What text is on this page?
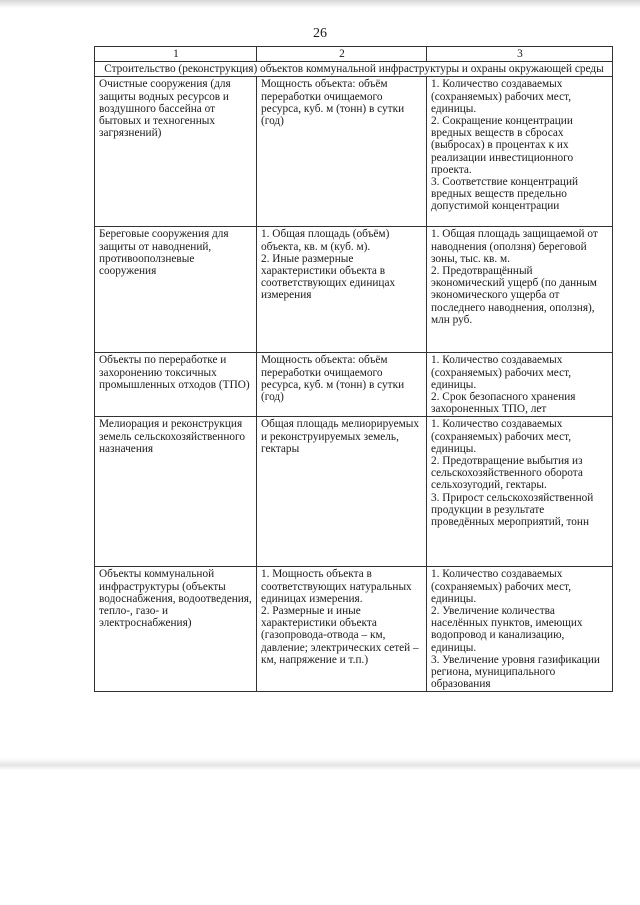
26
1	2	3
Строительство (реконструкция) объектов коммунальной инфраструктуры и охраны окружающей среды		
Очистные сооружения (для защиты водных ресурсов и воздушного бассейна от бытовых и техногенных загрязнений)	Мощность объекта: объём переработки очищаемого ресурса, куб. м (тонн) в сутки (год)	1. Количество создаваемых (сохраняемых) рабочих мест, единицы.
2. Сокращение концентрации вредных веществ в сбросах (выбросах) в процентах к их реализации инвестиционного проекта.
3. Соответствие концентраций вредных веществ предельно допустимой концентрации

Береговые сооружения для защиты от наводнений, противооползневые сооружения	1. Общая площадь (объём) объекта, кв. м (куб. м).
2. Иные размерные характеристики объекта в соответствующих единицах измерения	1. Общая площадь защищаемой от наводнения (оползня) береговой зоны, тыс. кв. м.
2. Предотвращённый экономический ущерб (по данным экономического ущерба от последнего наводнения, оползня), млн руб.

Объекты по переработке и захоронению токсичных промышленных отходов (ТПО)	Мощность объекта: объём переработки очищаемого ресурса, куб. м (тонн) в сутки (год)	1. Количество создаваемых (сохраняемых) рабочих мест, единицы.
2. Срок безопасного хранения захороненных ТПО, лет

Мелиорация и реконструкция земель сельскохозяйственного назначения	Общая площадь мелиорируемых и реконструируемых земель, гектары	1. Количество создаваемых (сохраняемых) рабочих мест, единицы.
2. Предотвращение выбытия из сельскохозяйственного оборота сельхозугодий, гектары.
3. Прирост сельскохозяйственной продукции в результате проведённых мероприятий, тонн

Объекты коммунальной инфраструктуры (объекты водоснабжения, водоотведения, тепло-, газо- и электроснабжения)	1. Мощность объекта в соответствующих натуральных единицах измерения.
2. Размерные и иные характеристики объекта (газопровода-отвода – км, давление; электрических сетей – км, напряжение и т.п.)	1. Количество создаваемых (сохраняемых) рабочих мест, единицы.
2. Увеличение количества населённых пунктов, имеющих водопровод и канализацию, единицы.
3. Увеличение уровня газификации региона, муниципального образования
